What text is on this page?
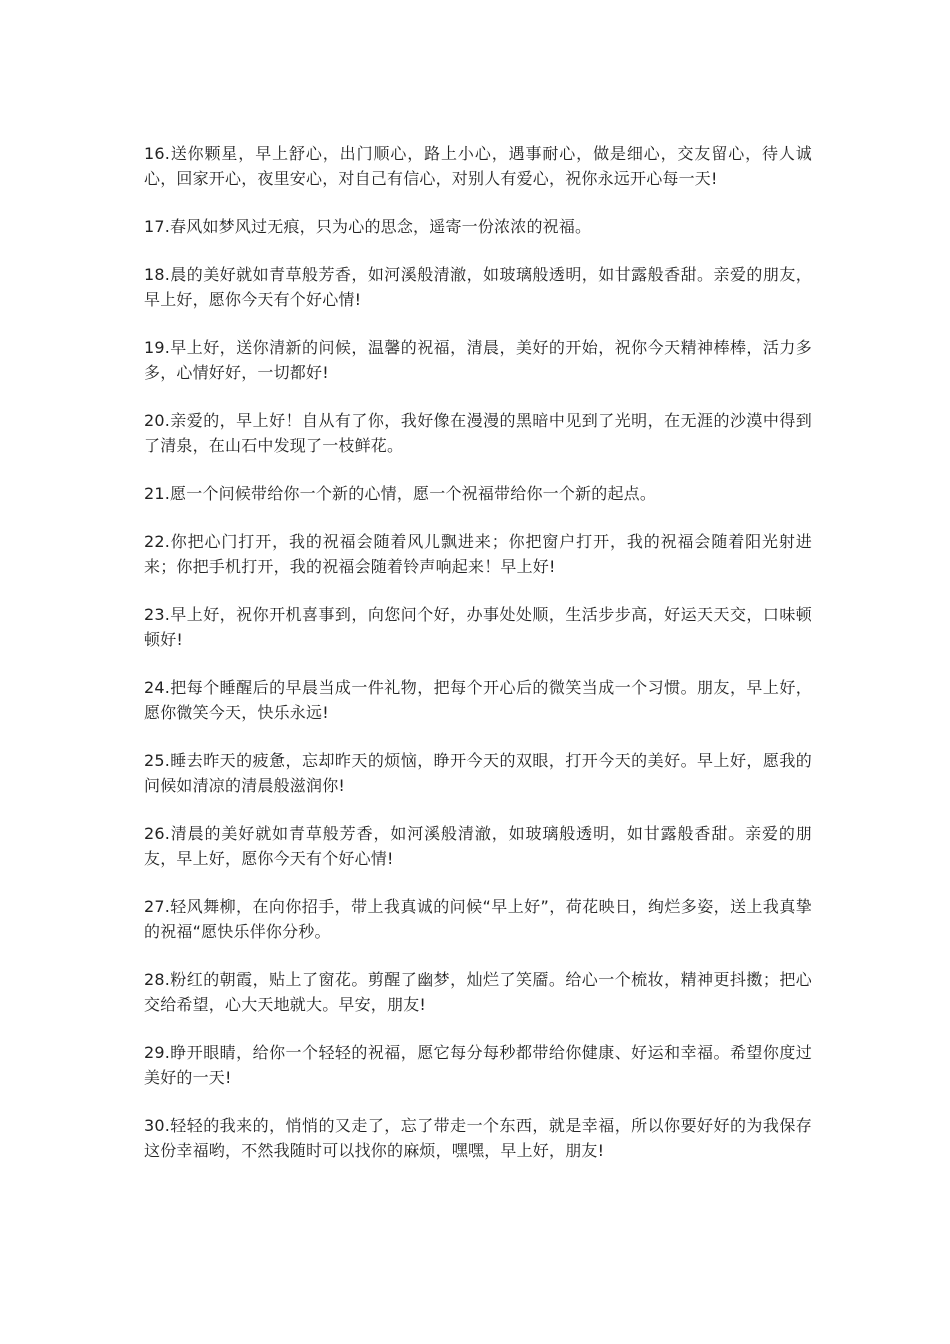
16.送你颗星，早上舒心，出门顺心，路上小心，遇事耐心，做是细心，交友留心，待人诚心，回家开心，夜里安心，对自己有信心，对别人有爱心，祝你永远开心每一天!

17.春风如梦风过无痕，只为心的思念，遥寄一份浓浓的祝福。

18.晨的美好就如青草般芳香，如河溪般清澈，如玻璃般透明，如甘露般香甜。亲爱的朋友，早上好，愿你今天有个好心情!

19.早上好，送你清新的问候，温馨的祝福，清晨，美好的开始，祝你今天精神棒棒，活力多多，心情好好，一切都好!

20.亲爱的，早上好！自从有了你，我好像在漫漫的黑暗中见到了光明，在无涯的沙漠中得到了清泉，在山石中发现了一枝鲜花。

21.愿一个问候带给你一个新的心情，愿一个祝福带给你一个新的起点。

22.你把心门打开，我的祝福会随着风儿飘进来；你把窗户打开，我的祝福会随着阳光射进来；你把手机打开，我的祝福会随着铃声响起来！早上好!

23.早上好，祝你开机喜事到，向您问个好，办事处处顺，生活步步高，好运天天交，口味顿顿好!

24.把每个睡醒后的早晨当成一件礼物，把每个开心后的微笑当成一个习惯。朋友，早上好，愿你微笑今天，快乐永远!

25.睡去昨天的疲惫，忘却昨天的烦恼，睁开今天的双眼，打开今天的美好。早上好，愿我的问候如清凉的清晨般滋润你!

26.清晨的美好就如青草般芳香，如河溪般清澈，如玻璃般透明，如甘露般香甜。亲爱的朋友，早上好，愿你今天有个好心情!

27.轻风舞柳，在向你招手，带上我真诚的问候“早上好”，荷花映日，绚烂多姿，送上我真挚的祝福“愿快乐伴你分秒。

28.粉红的朝霞，贴上了窗花。剪醒了幽梦，灿烂了笑靥。给心一个梳妆，精神更抖擞；把心交给希望，心大天地就大。早安，朋友!

29.睁开眼睛，给你一个轻轻的祝福，愿它每分每秒都带给你健康、好运和幸福。希望你度过美好的一天!

30.轻轻的我来的，悄悄的又走了，忘了带走一个东西，就是幸福，所以你要好好的为我保存这份幸福哟，不然我随时可以找你的麻烦，嘿嘿，早上好，朋友!
